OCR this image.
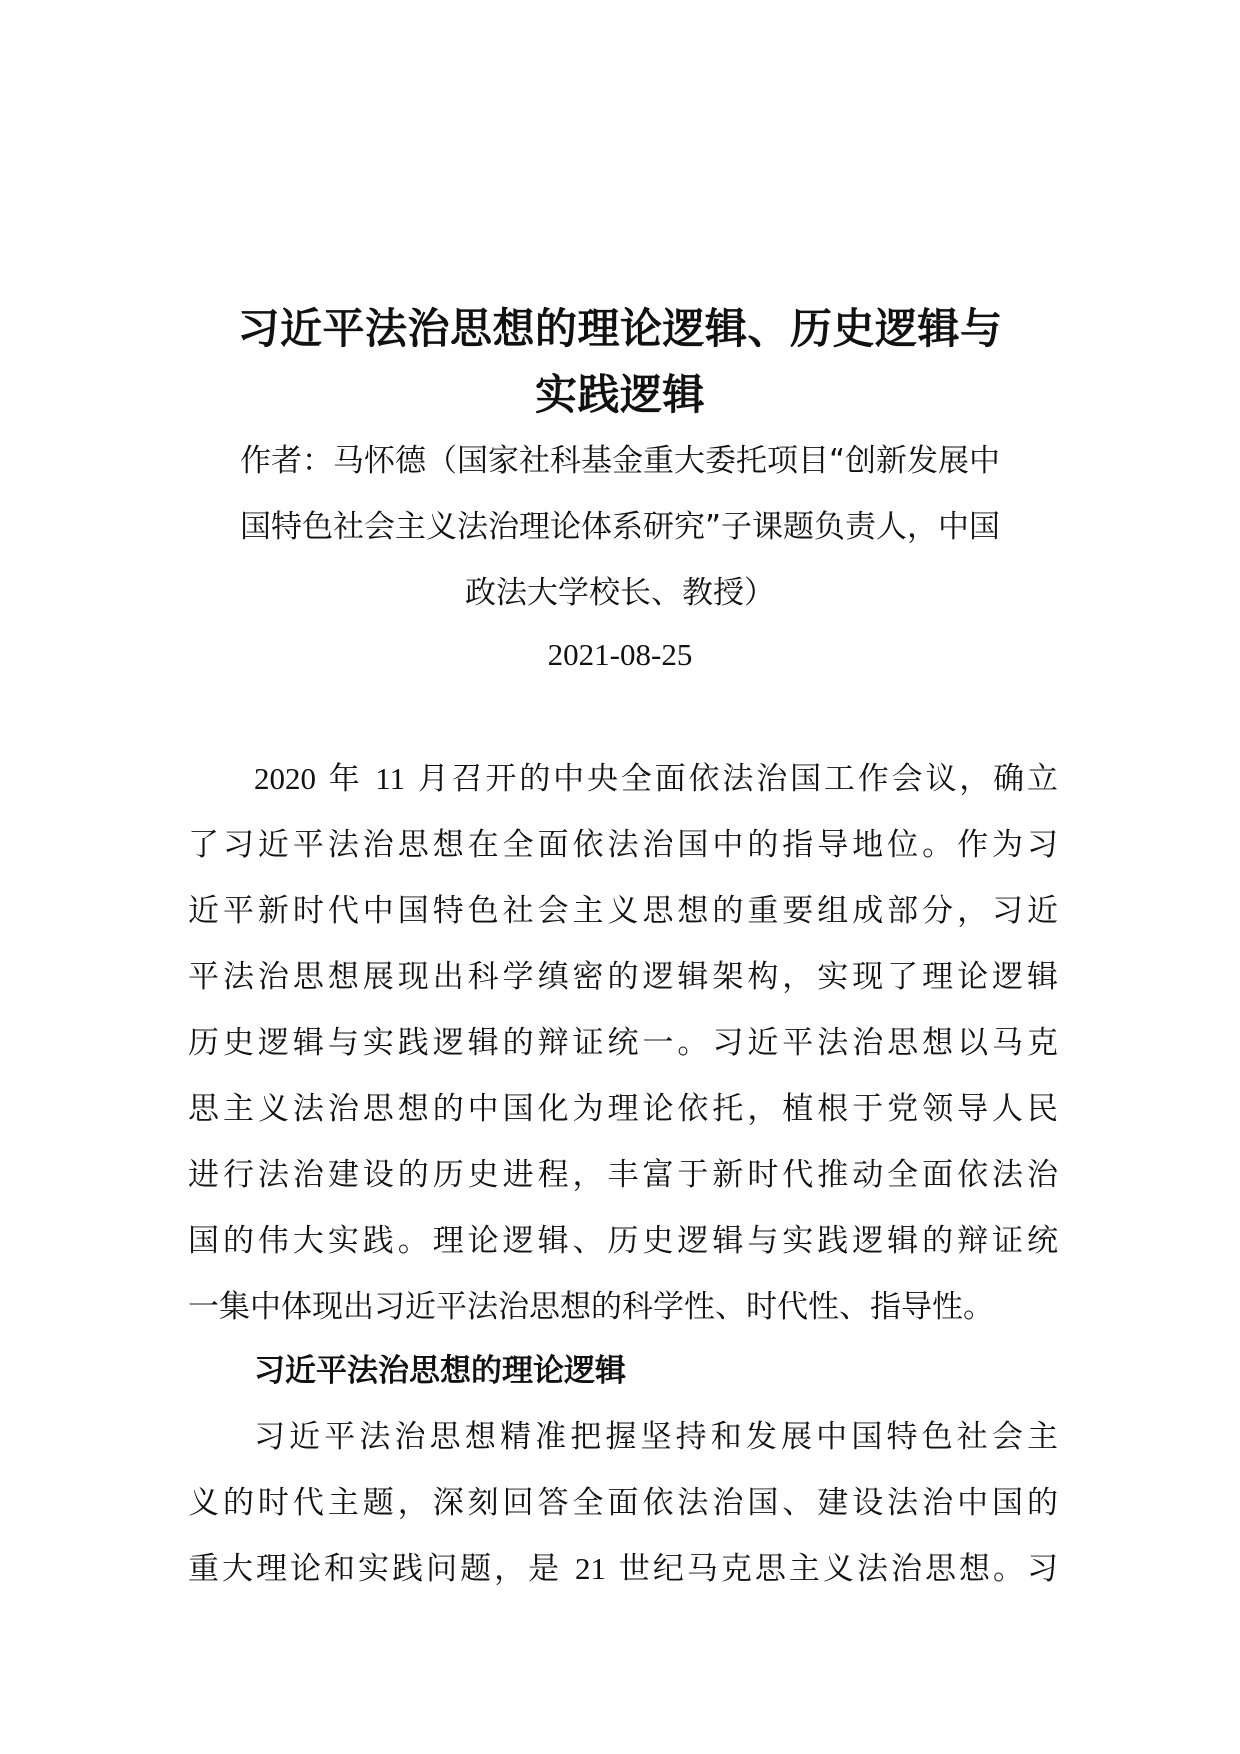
习近平法治思想的理论逻辑、历史逻辑与
实践逻辑

作者：马怀德（国家社科基金重大委托项目“创新发展中

国特色社会主义法治理论体系研究”子课题负责人，中国

政法大学校长、教授）

2021-08-25

2020 年 11 月召开的中央全面依法治国工作会议，确立

了习近平法治思想在全面依法治国中的指导地位。作为习

近平新时代中国特色社会主义思想的重要组成部分，习近

平法治思想展现出科学缜密的逻辑架构，实现了理论逻辑

历史逻辑与实践逻辑的辩证统一。习近平法治思想以马克

思主义法治思想的中国化为理论依托，植根于党领导人民

进行法治建设的历史进程，丰富于新时代推动全面依法治

国的伟大实践。理论逻辑、历史逻辑与实践逻辑的辩证统

一集中体现出习近平法治思想的科学性、时代性、指导性。

习近平法治思想的理论逻辑

习近平法治思想精准把握坚持和发展中国特色社会主

义的时代主题，深刻回答全面依法治国、建设法治中国的

重大理论和实践问题，是 21 世纪马克思主义法治思想。习
